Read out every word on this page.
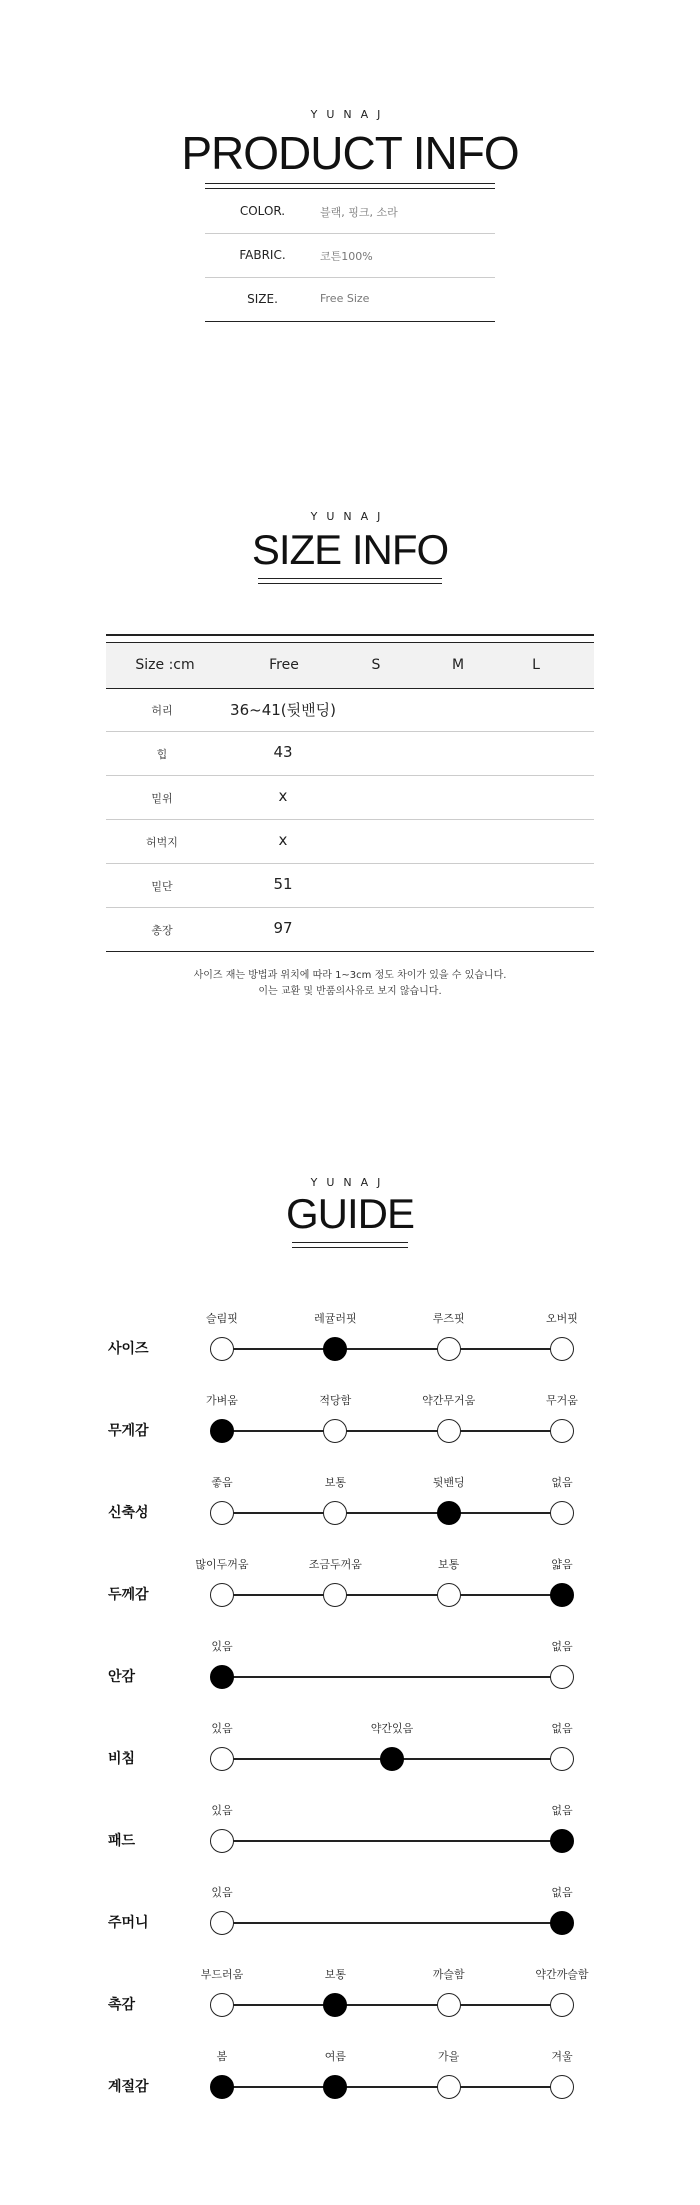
YUNAJ
PRODUCT INFO
COLOR.	블랙, 핑크, 소라
FABRIC.	코튼100%
SIZE.	Free Size
YUNAJ
SIZE INFO
Size :cm	Free	S	M	L
허리	36~41(뒷밴딩)
힙	43
밑위	x
허벅지	x
밑단	51
총장	97
사이즈 재는 방법과 위치에 따라 1~3cm 정도 차이가 있을 수 있습니다.
이는 교환 및 반품의사유로 보지 않습니다.
YUNAJ
GUIDE
사이즈
슬림핏	레귤러핏	루즈핏	오버핏
무게감
가벼움	적당함	약간무거움	무거움
신축성
좋음	보통	뒷밴딩	없음
두께감
많이두꺼움	조금두꺼움	보통	얇음
안감
있음	없음
비침
있음	약간있음	없음
패드
있음	없음
주머니
있음	없음
촉감
부드러움	보통	까슬함	약간까슬함
계절감
봄	여름	가을	겨울
